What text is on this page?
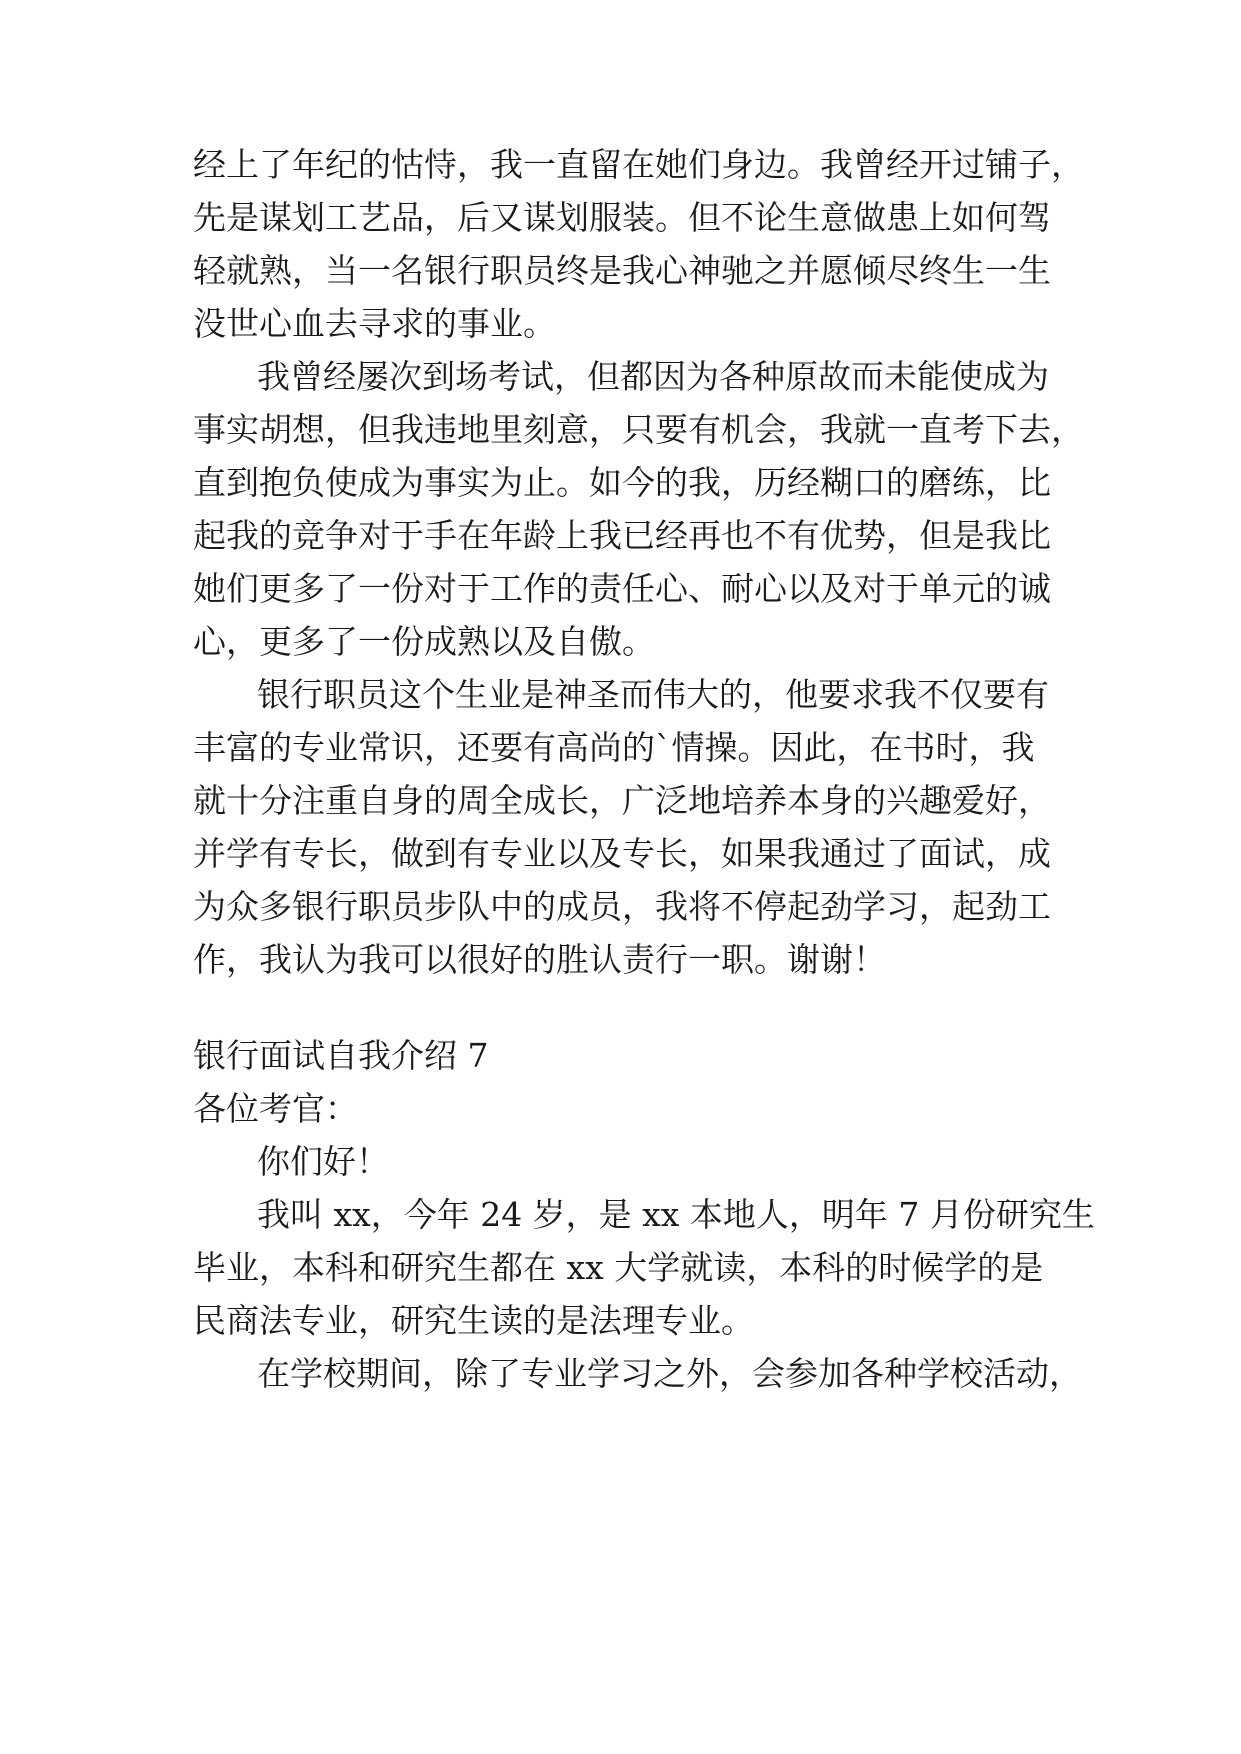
经上了年纪的怙恃，我一直留在她们身边。我曾经开过铺子，
先是谋划工艺品，后又谋划服装。但不论生意做患上如何驾
轻就熟，当一名银行职员终是我心神驰之并愿倾尽终生一生
没世心血去寻求的事业。
我曾经屡次到场考试，但都因为各种原故而未能使成为
事实胡想，但我违地里刻意，只要有机会，我就一直考下去，
直到抱负使成为事实为止。如今的我，历经糊口的磨练，比
起我的竞争对于手在年龄上我已经再也不有优势，但是我比
她们更多了一份对于工作的责任心、耐心以及对于单元的诚
心，更多了一份成熟以及自傲。
银行职员这个生业是神圣而伟大的，他要求我不仅要有
丰富的专业常识，还要有高尚的`情操。因此，在书时，我
就十分注重自身的周全成长，广泛地培养本身的兴趣爱好，
并学有专长，做到有专业以及专长，如果我通过了面试，成
为众多银行职员步队中的成员，我将不停起劲学习，起劲工
作，我认为我可以很好的胜认责行一职。谢谢！
银行面试自我介绍 7
各位考官：
你们好！
我叫 xx，今年 24 岁，是 xx 本地人，明年 7 月份研究生
毕业，本科和研究生都在 xx 大学就读，本科的时候学的是
民商法专业，研究生读的是法理专业。
在学校期间，除了专业学习之外，会参加各种学校活动，
